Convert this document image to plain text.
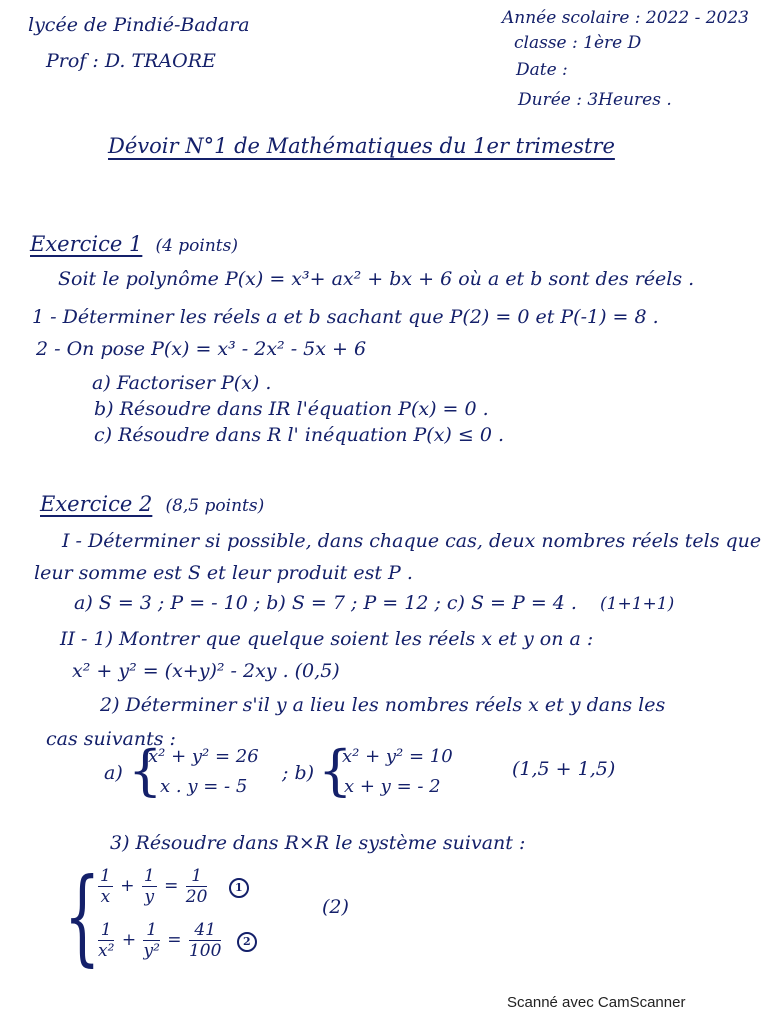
lycée de Pindié-Badara
Prof : D. TRAORE
Année scolaire : 2022 - 2023
classe : 1ère D
Date :
Durée : 3Heures .
Dévoir N°1 de Mathématiques du 1er trimestre
Exercice 1 (4 points)
Soit le polynôme P(x) = x³+ ax² + bx + 6 où a et b sont des réels .
1 - Déterminer les réels a et b sachant que P(2) = 0 et P(-1) = 8 .
2 - On pose P(x) = x³ - 2x² - 5x + 6
a) Factoriser P(x) .
b) Résoudre dans IR l'équation P(x) = 0 .
c) Résoudre dans R l' inéquation P(x) ≤ 0 .
Exercice 2 (8,5 points)
I - Déterminer si possible, dans chaque cas, deux nombres réels tels que
leur somme est S et leur produit est P .
a) S = 3 ; P = - 10 ; b) S = 7 ; P = 12 ; c) S = P = 4 . (1+1+1)
II - 1) Montrer que quelque soient les réels x et y on a :
x² + y² = (x+y)² - 2xy . (0,5)
2) Déterminer s'il y a lieu les nombres réels x et y dans les
cas suivants :
a) {
x² + y² = 26
x . y = - 5
; b) {
x² + y² = 10
x + y = - 2
(1,5 + 1,5)
3) Résoudre dans R×R le système suivant :
{
$\frac{1}{x} + \frac{1}{y} = \frac{1}{20}$	1
$\frac{1}{\text{x²}} + \frac{1}{\text{y²}} = \frac{41}{100} 2$
(2)
Scanné avec CamScanner
